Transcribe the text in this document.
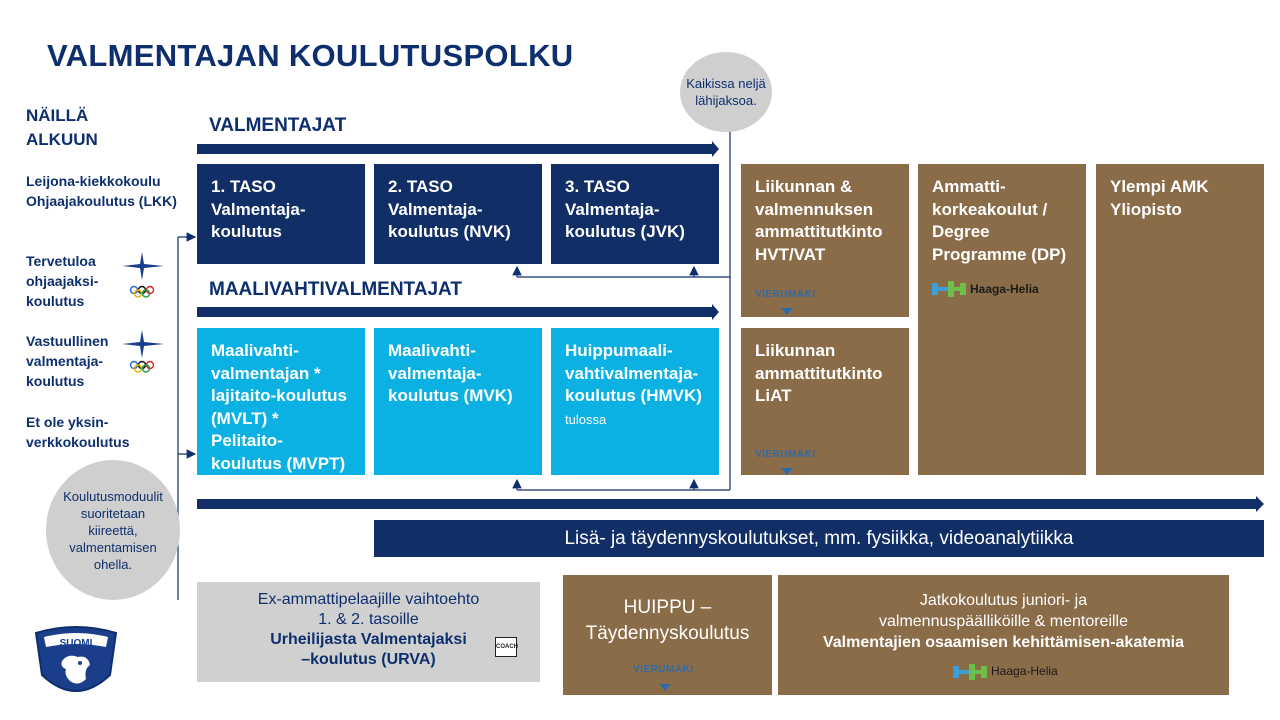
VALMENTAJAN KOULUTUSPOLKU
NÄILLÄ ALKUUN
Leijona-kiekkokoulu Ohjaajakoulutus (LKK)
Tervetuloa ohjaajaksi-koulutus
Vastuullinen valmentaja-koulutus
Et ole yksin-verkkokoulutus
Kaikissa neljä lähijaksoa.
VALMENTAJAT
MAALIVAHTIVALMENTAJAT
1. TASO Valmentaja-koulutus
2. TASO Valmentaja-koulutus (NVK)
3. TASO Valmentaja-koulutus (JVK)
Maalivahti-valmentajan * lajitaito-koulutus (MVLT) * Pelitaito-koulutus (MVPT)
Maalivahti-valmentaja-koulutus (MVK)
Huippumaali-vahtivalmentaja-koulutus (HMVK) tulossa
Liikunnan & valmennuksen ammattitutkinto HVT/VAT
VIERUMÄKI
Liikunnan ammattitutkinto LiAT
VIERUMÄKI
Ammatti-korkeakoulut / Degree Programme (DP)
Haaga-Helia
Ylempi AMK Yliopisto
Koulutusmoduulit suoritetaan kiireettä, valmentamisen ohella.
Lisä- ja täydennyskoulutukset, mm. fysiikka, videoanalytiikka
Ex-ammattipelaajille vaihtoehto
1. & 2. tasoille
Urheilijasta Valmentajaksi
–koulutus (URVA)
COACH
HUIPPU –
Täydennyskoulutus
VIERUMÄKI
Jatkokoulutus juniori- ja
valmennuspäälliköille & mentoreille
Valmentajien osaamisen kehittämisen-akatemia
Haaga-Helia
SUOMI
